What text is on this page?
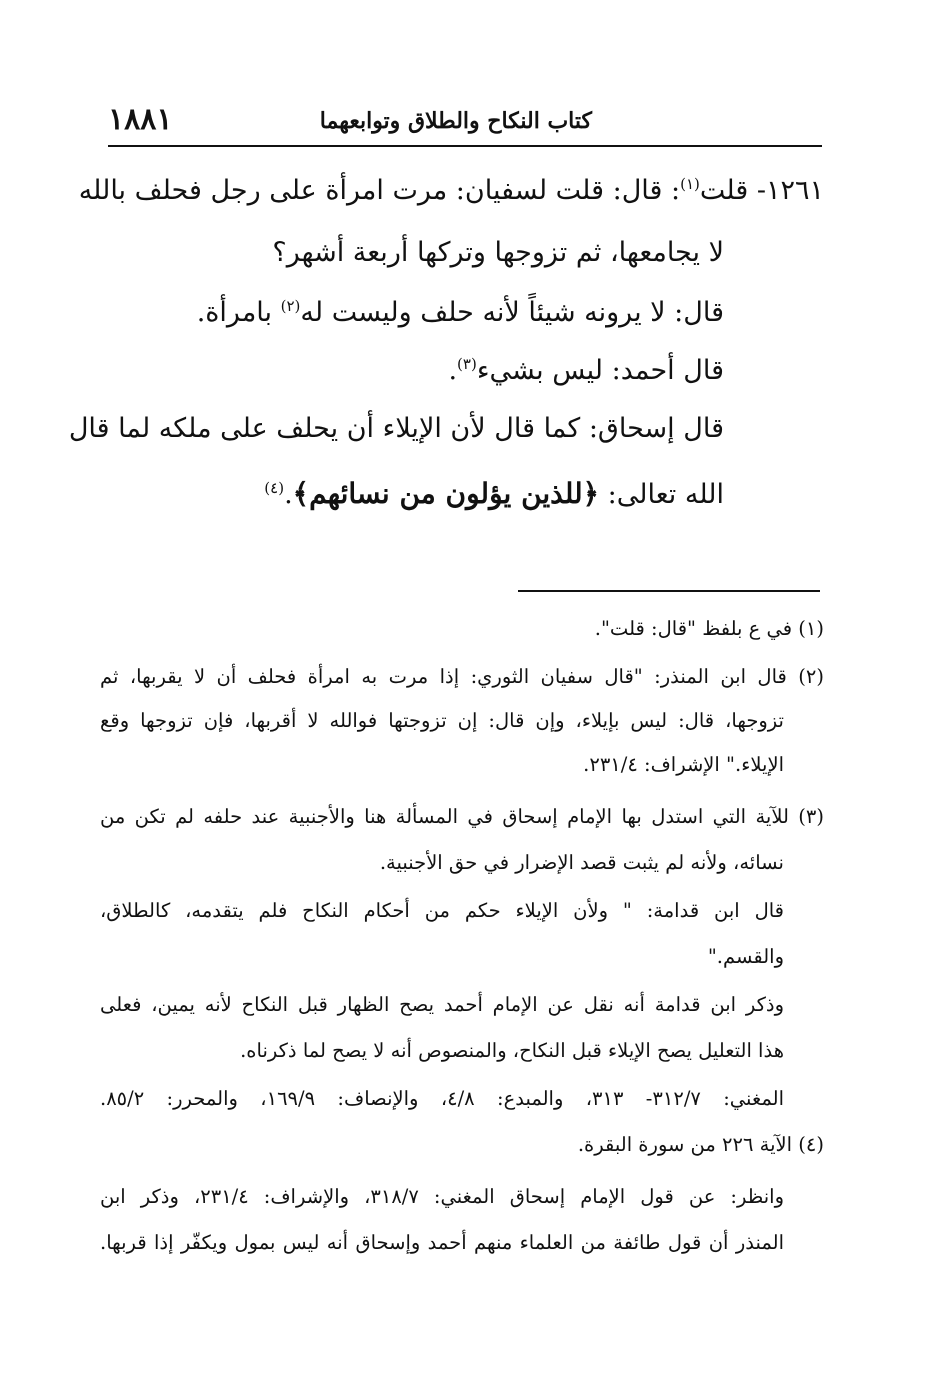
كتاب النكاح والطلاق وتوابعهما
١٨٨١
١٢٦١- قلت$^{(١)}$: قال: قلت لسفيان: مرت امرأة على رجل فحلف بالله
لا يجامعها، ثم تزوجها وتركها أربعة أشهر؟
قال: لا يرونه شيئاً لأنه حلف وليست له$^{(٢)}$ بامرأة.
قال أحمد: ليس بشيء$^{(٣)}$.
قال إسحاق: كما قال لأن الإيلاء أن يحلف على ملكه لما قال
الله تعالى: ﴿للذين يؤلون من نسائهم﴾.$^{(٤)}$
(١) في ع بلفظ "قال: قلت".
(٢) قال ابن المنذر: "قال سفيان الثوري: إذا مرت به امرأة فحلف أن لا يقربها، ثم
تزوجها، قال: ليس بإيلاء، وإن قال: إن تزوجتها فوالله لا أقربها، فإن تزوجها وقع
الإيلاء." الإشراف: ٢٣١/٤.
(٣) للآية التي استدل بها الإمام إسحاق في المسألة هنا والأجنبية عند حلفه لم تكن من
نسائه، ولأنه لم يثبت قصد الإضرار في حق الأجنبية.
قال ابن قدامة: " ولأن الإيلاء حكم من أحكام النكاح فلم يتقدمه، كالطلاق،
والقسم."
وذكر ابن قدامة أنه نقل عن الإمام أحمد يصح الظهار قبل النكاح لأنه يمين، فعلى
هذا التعليل يصح الإيلاء قبل النكاح، والمنصوص أنه لا يصح لما ذكرناه.
المغني: ٣١٢/٧- ٣١٣، والمبدع: ٤/٨، والإنصاف: ١٦٩/٩، والمحرر: ٨٥/٢.
(٤) الآية ٢٢٦ من سورة البقرة.
وانظر: عن قول الإمام إسحاق المغني: ٣١٨/٧، والإشراف: ٢٣١/٤، وذكر ابن
المنذر أن قول طائفة من العلماء منهم أحمد وإسحاق أنه ليس بمول ويكفّر إذا قربها.
